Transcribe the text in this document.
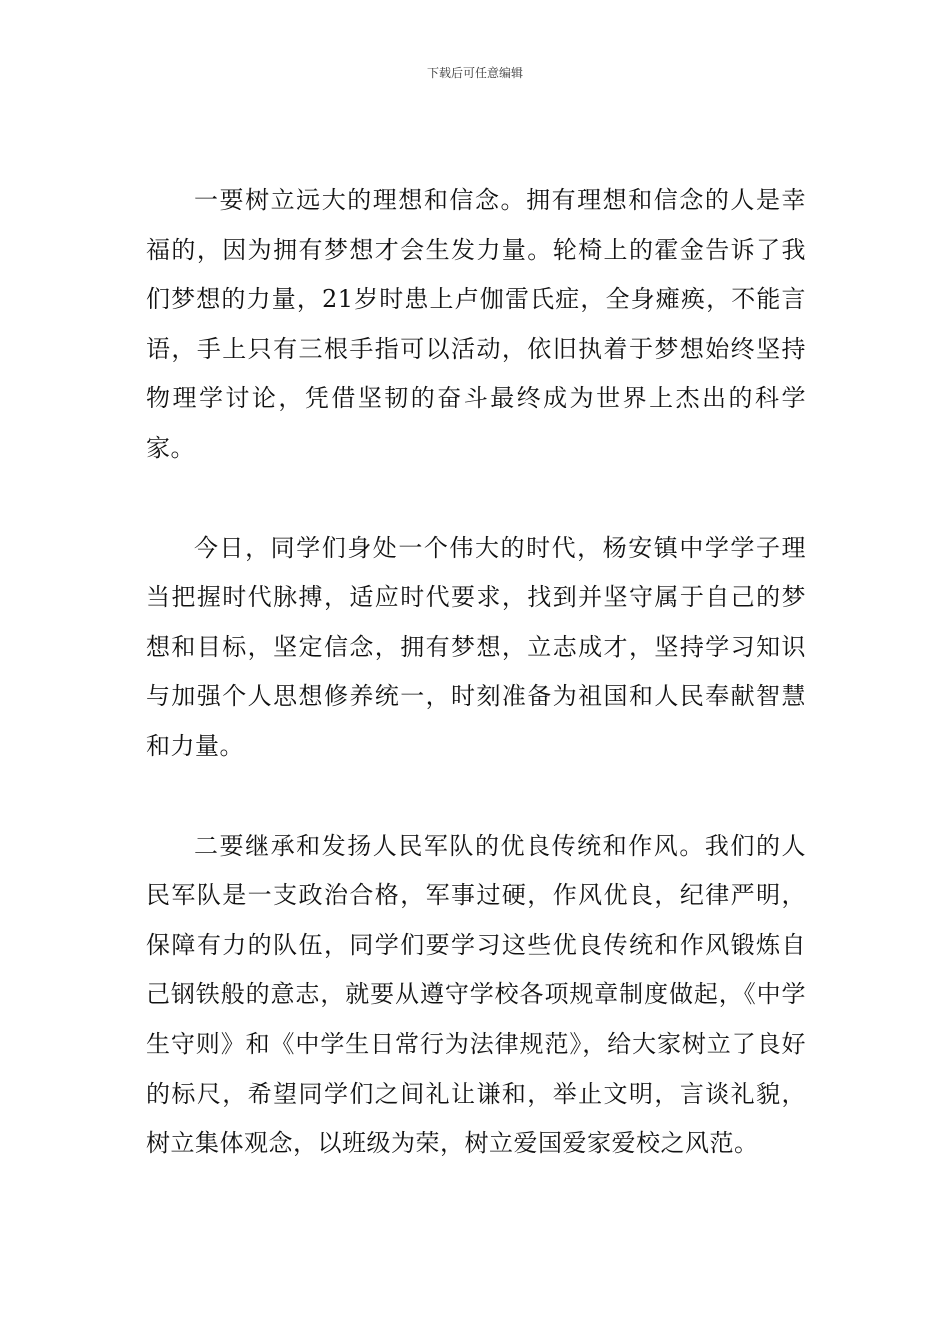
下载后可任意编辑

一要树立远大的理想和信念。拥有理想和信念的人是幸福的，因为拥有梦想才会生发力量。轮椅上的霍金告诉了我们梦想的力量，21岁时患上卢伽雷氏症，全身瘫痪，不能言语，手上只有三根手指可以活动，依旧执着于梦想始终坚持物理学讨论，凭借坚韧的奋斗最终成为世界上杰出的科学家。

今日，同学们身处一个伟大的时代，杨安镇中学学子理当把握时代脉搏，适应时代要求，找到并坚守属于自己的梦想和目标，坚定信念，拥有梦想，立志成才，坚持学习知识与加强个人思想修养统一，时刻准备为祖国和人民奉献智慧和力量。

二要继承和发扬人民军队的优良传统和作风。我们的人民军队是一支政治合格，军事过硬，作风优良，纪律严明，保障有力的队伍，同学们要学习这些优良传统和作风锻炼自己钢铁般的意志，就要从遵守学校各项规章制度做起，《中学生守则》和《中学生日常行为法律规范》，给大家树立了良好的标尺，希望同学们之间礼让谦和，举止文明，言谈礼貌，树立集体观念，以班级为荣，树立爱国爱家爱校之风范。
